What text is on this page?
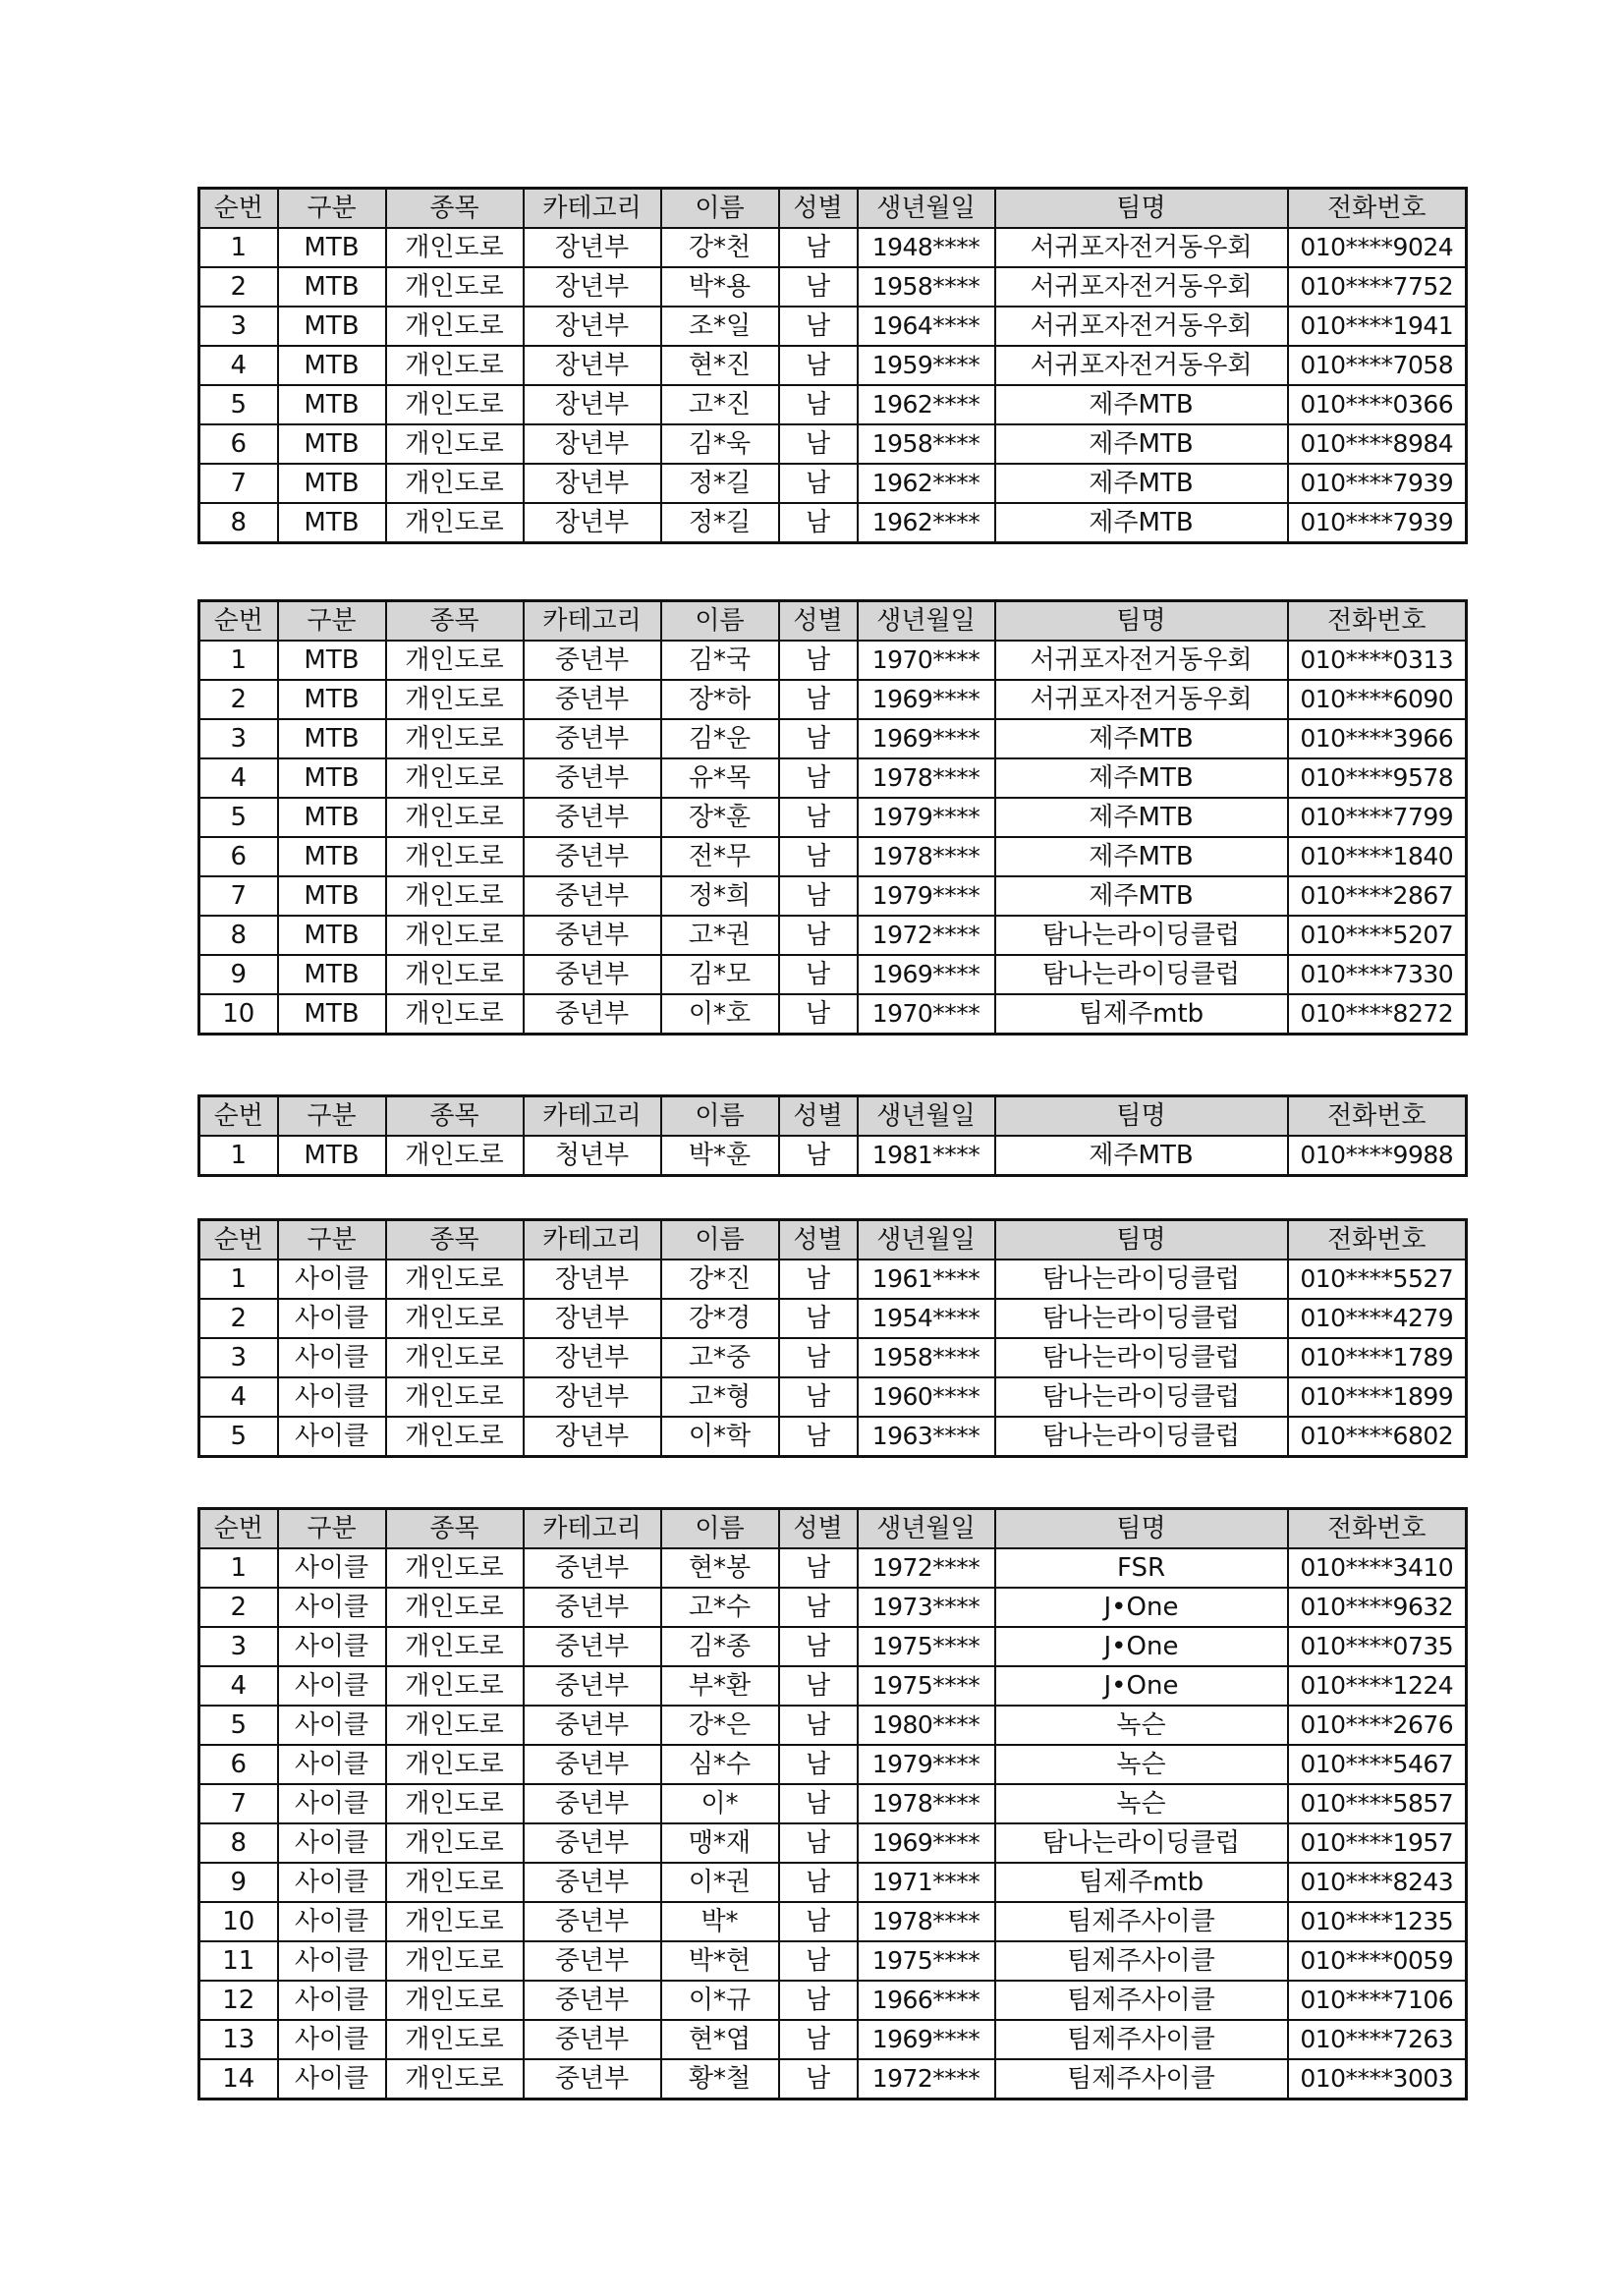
순번	구분	종목	카테고리	이름	성별	생년월일	팀명	전화번호
1	MTB	개인도로	장년부	강*천	남	1948****	서귀포자전거동우회	010****9024
2	MTB	개인도로	장년부	박*용	남	1958****	서귀포자전거동우회	010****7752
3	MTB	개인도로	장년부	조*일	남	1964****	서귀포자전거동우회	010****1941
4	MTB	개인도로	장년부	현*진	남	1959****	서귀포자전거동우회	010****7058
5	MTB	개인도로	장년부	고*진	남	1962****	제주MTB	010****0366
6	MTB	개인도로	장년부	김*욱	남	1958****	제주MTB	010****8984
7	MTB	개인도로	장년부	정*길	남	1962****	제주MTB	010****7939
8	MTB	개인도로	장년부	정*길	남	1962****	제주MTB	010****7939
순번	구분	종목	카테고리	이름	성별	생년월일	팀명	전화번호
1	MTB	개인도로	중년부	김*국	남	1970****	서귀포자전거동우회	010****0313
2	MTB	개인도로	중년부	장*하	남	1969****	서귀포자전거동우회	010****6090
3	MTB	개인도로	중년부	김*운	남	1969****	제주MTB	010****3966
4	MTB	개인도로	중년부	유*목	남	1978****	제주MTB	010****9578
5	MTB	개인도로	중년부	장*훈	남	1979****	제주MTB	010****7799
6	MTB	개인도로	중년부	전*무	남	1978****	제주MTB	010****1840
7	MTB	개인도로	중년부	정*희	남	1979****	제주MTB	010****2867
8	MTB	개인도로	중년부	고*권	남	1972****	탐나는라이딩클럽	010****5207
9	MTB	개인도로	중년부	김*모	남	1969****	탐나는라이딩클럽	010****7330
10	MTB	개인도로	중년부	이*호	남	1970****	팀제주mtb	010****8272
순번	구분	종목	카테고리	이름	성별	생년월일	팀명	전화번호
1	MTB	개인도로	청년부	박*훈	남	1981****	제주MTB	010****9988
순번	구분	종목	카테고리	이름	성별	생년월일	팀명	전화번호
1	사이클	개인도로	장년부	강*진	남	1961****	탐나는라이딩클럽	010****5527
2	사이클	개인도로	장년부	강*경	남	1954****	탐나는라이딩클럽	010****4279
3	사이클	개인도로	장년부	고*중	남	1958****	탐나는라이딩클럽	010****1789
4	사이클	개인도로	장년부	고*형	남	1960****	탐나는라이딩클럽	010****1899
5	사이클	개인도로	장년부	이*학	남	1963****	탐나는라이딩클럽	010****6802
순번	구분	종목	카테고리	이름	성별	생년월일	팀명	전화번호
1	사이클	개인도로	중년부	현*봉	남	1972****	FSR	010****3410
2	사이클	개인도로	중년부	고*수	남	1973****	J•One	010****9632
3	사이클	개인도로	중년부	김*종	남	1975****	J•One	010****0735
4	사이클	개인도로	중년부	부*환	남	1975****	J•One	010****1224
5	사이클	개인도로	중년부	강*은	남	1980****	녹슨	010****2676
6	사이클	개인도로	중년부	심*수	남	1979****	녹슨	010****5467
7	사이클	개인도로	중년부	이*	남	1978****	녹슨	010****5857
8	사이클	개인도로	중년부	맹*재	남	1969****	탐나는라이딩클럽	010****1957
9	사이클	개인도로	중년부	이*권	남	1971****	팀제주mtb	010****8243
10	사이클	개인도로	중년부	박*	남	1978****	팀제주사이클	010****1235
11	사이클	개인도로	중년부	박*현	남	1975****	팀제주사이클	010****0059
12	사이클	개인도로	중년부	이*규	남	1966****	팀제주사이클	010****7106
13	사이클	개인도로	중년부	현*엽	남	1969****	팀제주사이클	010****7263
14	사이클	개인도로	중년부	황*철	남	1972****	팀제주사이클	010****3003
